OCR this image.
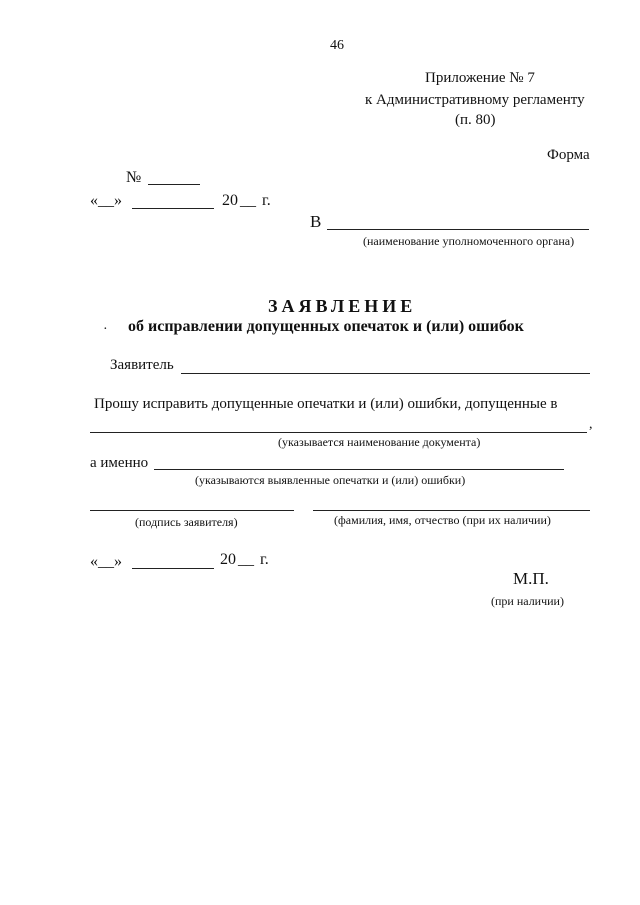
46
Приложение № 7
к Административному регламенту
(п. 80)
Форма
№
«__»	20 __ г.
В
(наименование уполномоченного органа)
ЗАЯВЛЕНИЕ
· об исправлении допущенных опечаток и (или) ошибок
Заявитель
Прошу исправить допущенные опечатки и (или) ошибки, допущенные в
,
(указывается наименование документа)
а именно
(указываются выявленные опечатки и (или) ошибки)
(подпись заявителя)	(фамилия, имя, отчество (при их наличии)
«__»	20 __ г.
М.П.
(при наличии)
